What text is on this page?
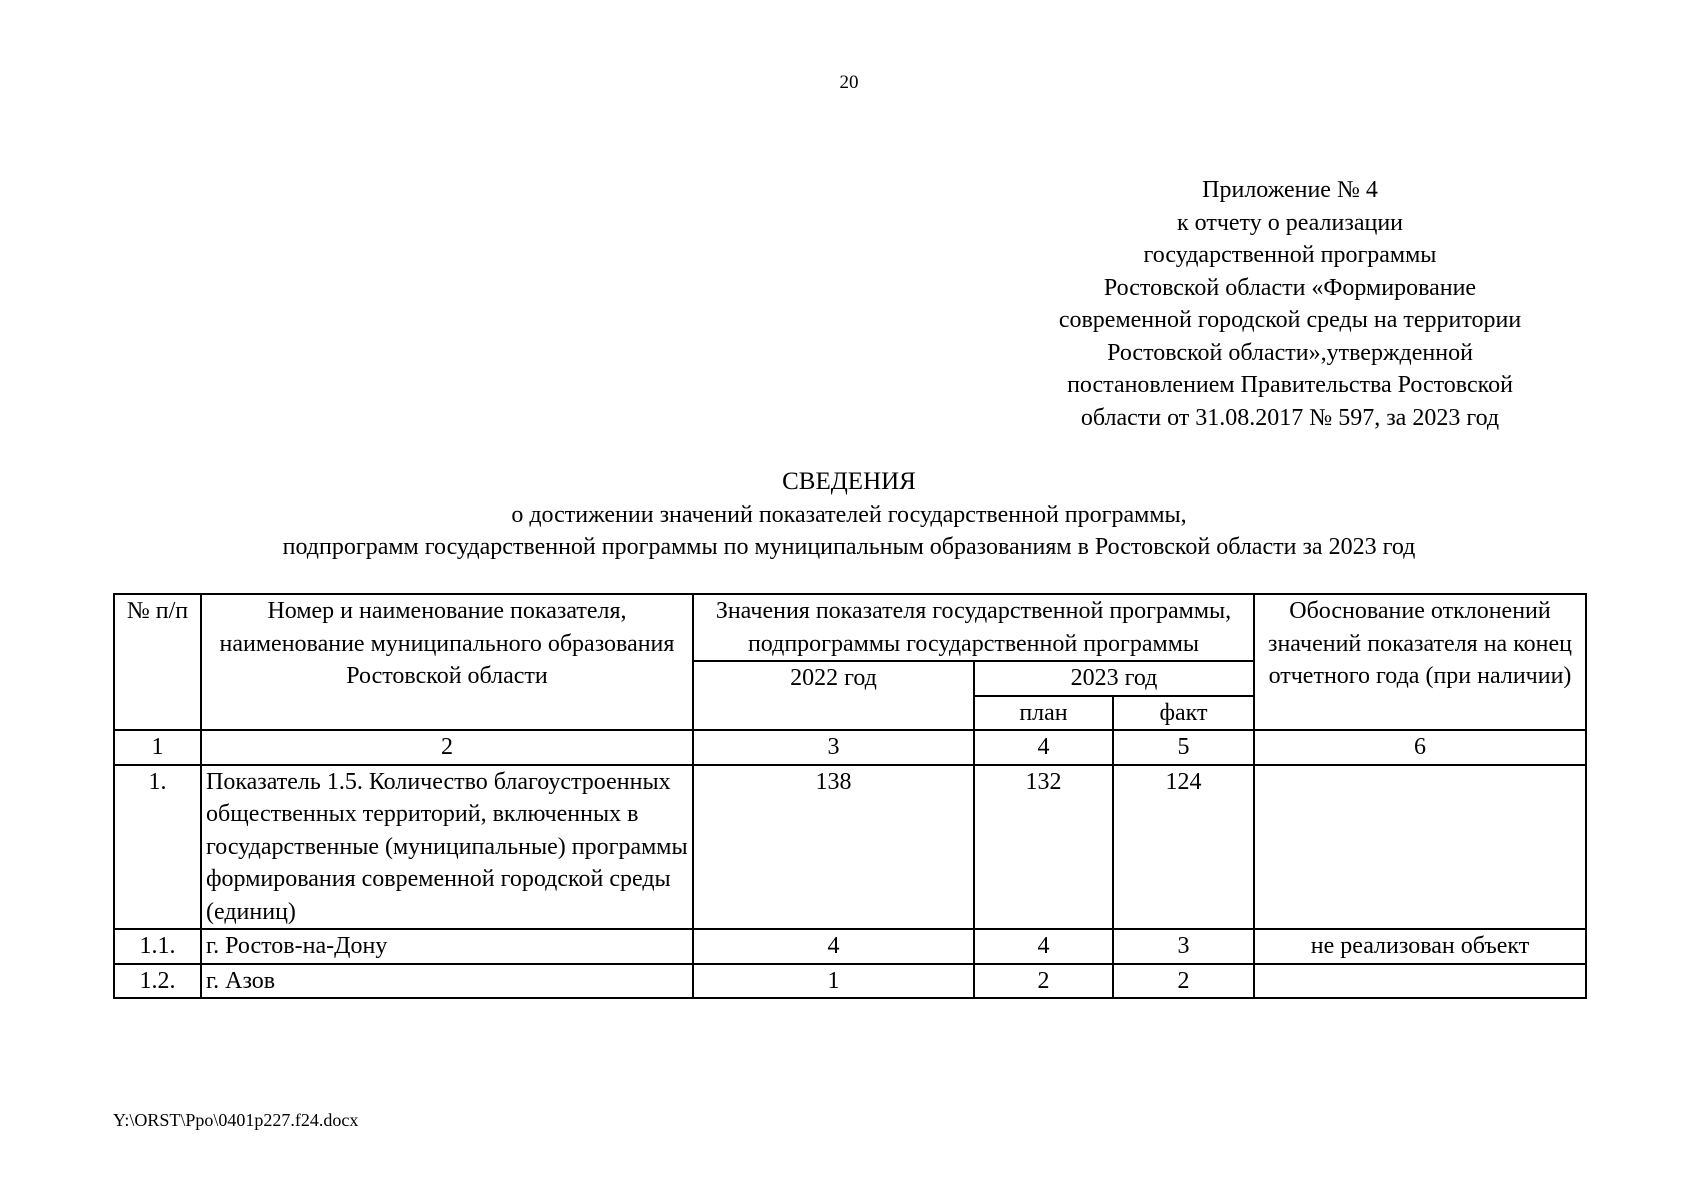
20
Приложение № 4
к отчету о реализации
государственной программы
Ростовской области «Формирование
современной городской среды на территории
Ростовской области»,утвержденной
постановлением Правительства Ростовской
области от 31.08.2017 № 597, за 2023 год
СВЕДЕНИЯ
о достижении значений показателей государственной программы,
подпрограмм государственной программы по муниципальным образованиям в Ростовской области за 2023 год
№ п/п	Номер и наименование показателя, наименование муниципального образования Ростовской области	Значения показателя государственной программы, подпрограммы государственной программы			Обоснование отклонений значений показателя на конец отчетного года (при наличии)
		2022 год	2023 год		
			план	факт	
1	2	3	4	5	6
1.	Показатель 1.5. Количество благоустроенных общественных территорий, включенных в государственные (муниципальные) программы формирования современной городской среды (единиц)	138	132	124	
1.1.	г. Ростов-на-Дону	4	4	3	не реализован объект
1.2.	г. Азов	1	2	2	
Y:\ORST\Ppo\0401p227.f24.docx
